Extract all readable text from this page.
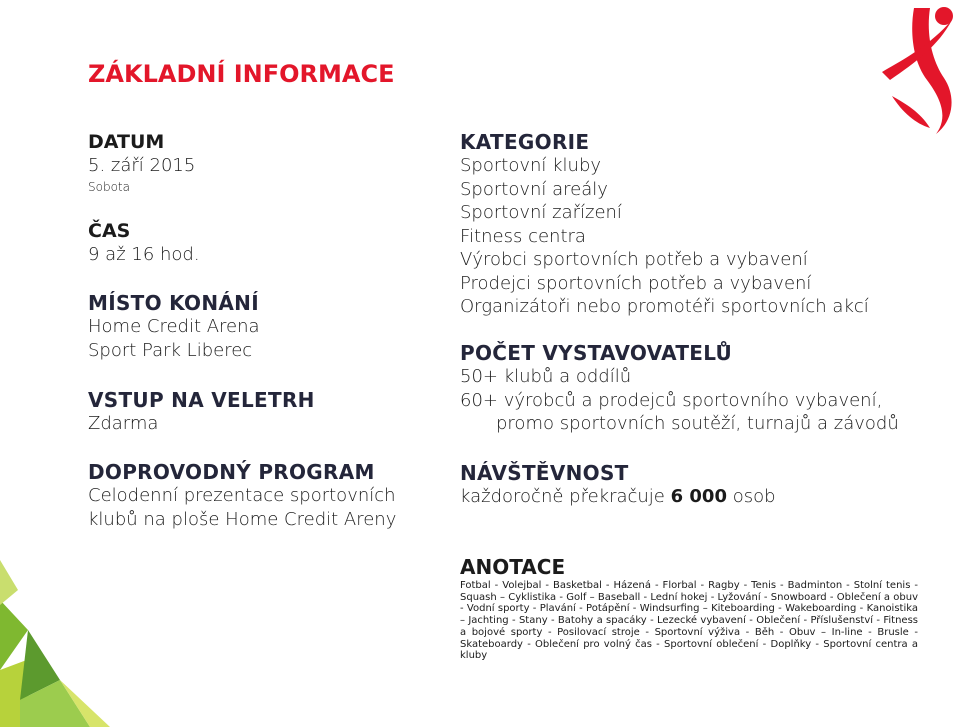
ZÁKLADNÍ INFORMACE
DATUM
5. září 2015
Sobota
ČAS
9 až 16 hod.
MÍSTO KONÁNÍ
Home Credit Arena
Sport Park Liberec
VSTUP NA VELETRH
Zdarma
DOPROVODNÝ PROGRAM
Celodenní prezentace sportovních
klubů na ploše Home Credit Areny
KATEGORIE
Sportovní kluby
Sportovní areály
Sportovní zařízení
Fitness centra
Výrobci sportovních potřeb a vybavení
Prodejci sportovních potřeb a vybavení
Organizátoři nebo promotéři sportovních akcí
POČET VYSTAVOVATELŮ
50+ klubů a oddílů
60+ výrobců a prodejců sportovního vybavení,
promo sportovních soutěží, turnajů a závodů
NÁVŠTĚVNOST
každoročně překračuje 6 000 osob
ANOTACE
Fotbal - Volejbal - Basketbal - Házená - Florbal - Ragby - Tenis - Badminton - Stolní tenis - Squash – Cyklistika - Golf – Baseball - Lední hokej - Lyžování - Snowboard - Oblečení a obuv - Vodní sporty - Plavání - Potápění - Windsurfing – Kiteboarding - Wakeboarding - Kanoistika – Jachting - Stany - Batohy a spacáky - Lezecké vybavení - Oblečení - Příslušenství - Fitness a bojové sporty - Posilovací stroje - Sportovní výživa - Běh - Obuv – In-line - Brusle - Skateboardy - Oblečení pro volný čas - Sportovní oblečení - Doplňky - Sportovní centra a kluby
